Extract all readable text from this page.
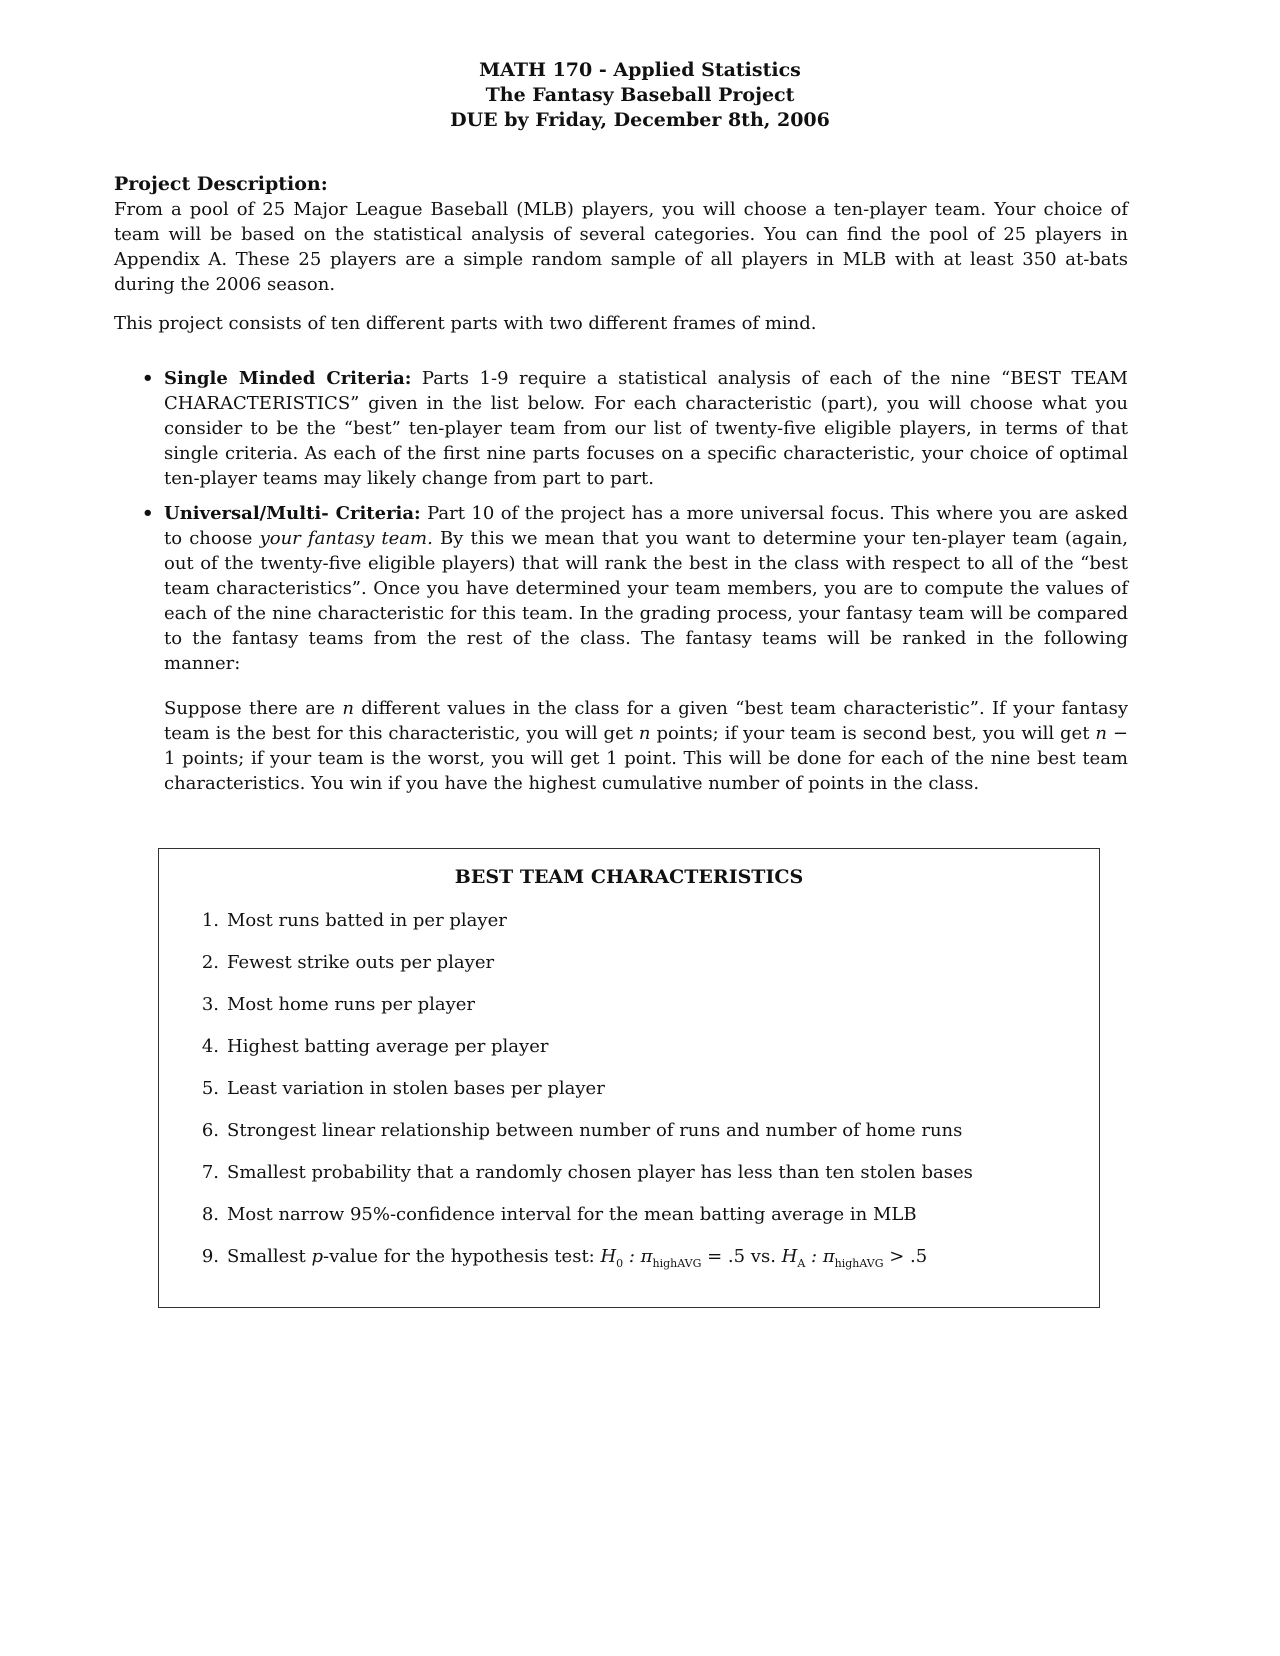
MATH 170 - Applied Statistics
The Fantasy Baseball Project
DUE by Friday, December 8th, 2006
Project Description:
From a pool of 25 Major League Baseball (MLB) players, you will choose a ten-player team. Your choice of team will be based on the statistical analysis of several categories. You can find the pool of 25 players in Appendix A. These 25 players are a simple random sample of all players in MLB with at least 350 at-bats during the 2006 season.
This project consists of ten different parts with two different frames of mind.
• Single Minded Criteria: Parts 1-9 require a statistical analysis of each of the nine “BEST TEAM CHARACTERISTICS” given in the list below. For each characteristic (part), you will choose what you consider to be the “best” ten-player team from our list of twenty-five eligible players, in terms of that single criteria. As each of the first nine parts focuses on a specific characteristic, your choice of optimal ten-player teams may likely change from part to part.
• Universal/Multi- Criteria: Part 10 of the project has a more universal focus. This where you are asked to choose your fantasy team. By this we mean that you want to determine your ten-player team (again, out of the twenty-five eligible players) that will rank the best in the class with respect to all of the “best team characteristics”. Once you have determined your team members, you are to compute the values of each of the nine characteristic for this team. In the grading process, your fantasy team will be compared to the fantasy teams from the rest of the class. The fantasy teams will be ranked in the following manner:
Suppose there are n different values in the class for a given “best team characteristic”. If your fantasy team is the best for this characteristic, you will get n points; if your team is second best, you will get n − 1 points; if your team is the worst, you will get 1 point. This will be done for each of the nine best team characteristics. You win if you have the highest cumulative number of points in the class.
BEST TEAM CHARACTERISTICS
1. Most runs batted in per player
2. Fewest strike outs per player
3. Most home runs per player
4. Highest batting average per player
5. Least variation in stolen bases per player
6. Strongest linear relationship between number of runs and number of home runs
7. Smallest probability that a randomly chosen player has less than ten stolen bases
8. Most narrow 95%-confidence interval for the mean batting average in MLB
9. Smallest p-value for the hypothesis test: $H_0$ : $\pi_{highAVG} = .5$ vs. $H_A$ : $\pi_{highAVG} > .5$
